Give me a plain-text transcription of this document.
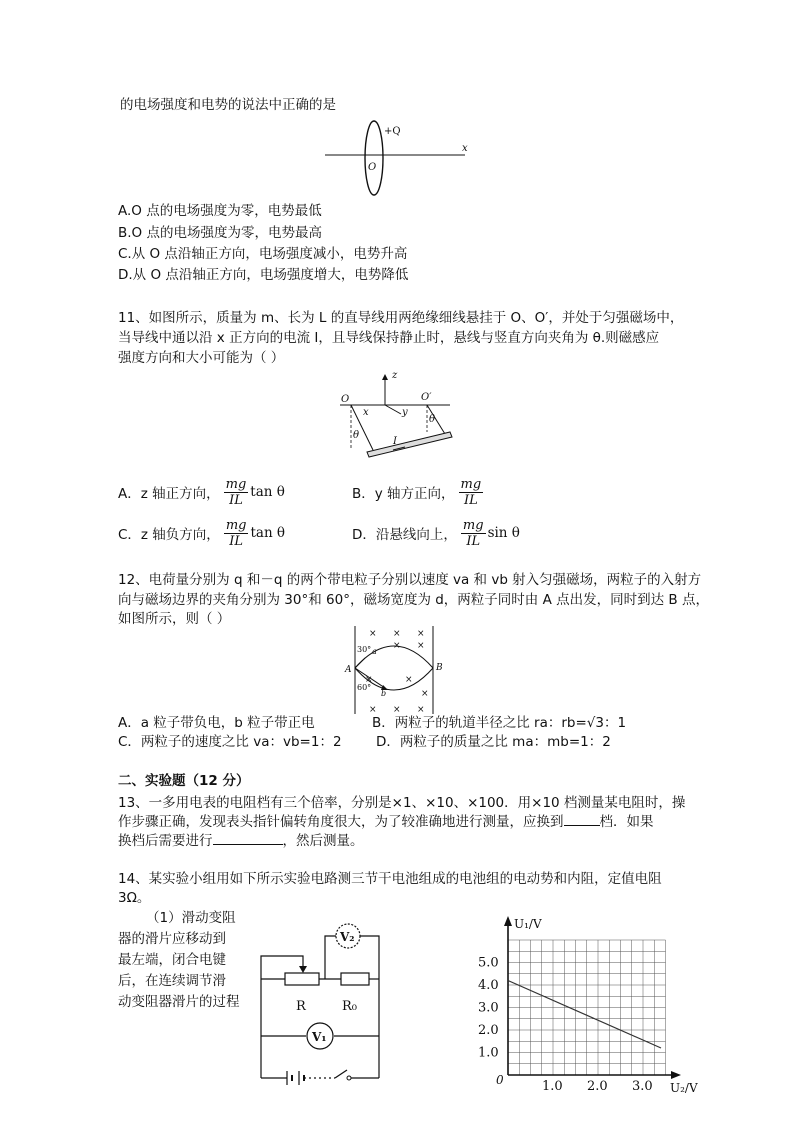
的电场强度和电势的说法中正确的是
+Q
O
x
A.O 点的电场强度为零，电势最低
B.O 点的电场强度为零，电势最高
C.从 O 点沿轴正方向，电场强度减小，电势升高
D.从 O 点沿轴正方向，电场强度增大，电势降低
11、如图所示，质量为 m、长为 L 的直导线用两绝缘细线悬挂于 O、O′，并处于匀强磁场中，
当导线中通以沿 x 正方向的电流 I，且导线保持静止时，悬线与竖直方向夹角为 θ.则磁感应
强度方向和大小可能为（ ）
z
O	O′
x	y
θ
θ
I
A．z 轴正方向， $\frac{mg}{IL}$ tan θ	B．y 轴方正向， $\frac{mg}{IL}$
C．z 轴负方向， $\frac{mg}{IL}$ tan θ	D．沿悬线向上， $\frac{mg}{IL}$ sin θ
12、电荷量分别为 q 和－q 的两个带电粒子分别以速度 va 和 vb 射入匀强磁场，两粒子的入射方
向与磁场边界的夹角分别为 30°和 60°，磁场宽度为 d，两粒子同时由 A 点出发，同时到达 B 点，
如图所示，则（ ）
× × ×
× ×
×	×
×
× × ×
A	B
30°
60°
a
b
A．a 粒子带负电，b 粒子带正电	B．两粒子的轨道半径之比 ra：rb=√3：1
C．两粒子的速度之比 va：vb=1：2	D．两粒子的质量之比 ma：mb=1：2
二、实验题（12 分）
13、一多用电表的电阻档有三个倍率，分别是×1、×10、×100．用×10 档测量某电阻时，操
作步骤正确，发现表头指针偏转角度很大，为了较准确地进行测量，应换到	档．如果
换档后需要进行	，然后测量。
14、某实验小组用如下所示实验电路测三节干电池组成的电池组的电动势和内阻，定值电阻
3Ω。
（1）滑动变阻
器的滑片应移动到
最左端，闭合电键
后，在连续调节滑
动变阻器滑片的过程	R	R₀
V₂
V₁
5.0
4.0
3.0
2.0
1.0
1.0 2.0 3.0
U₁/V
U₂/V
0
